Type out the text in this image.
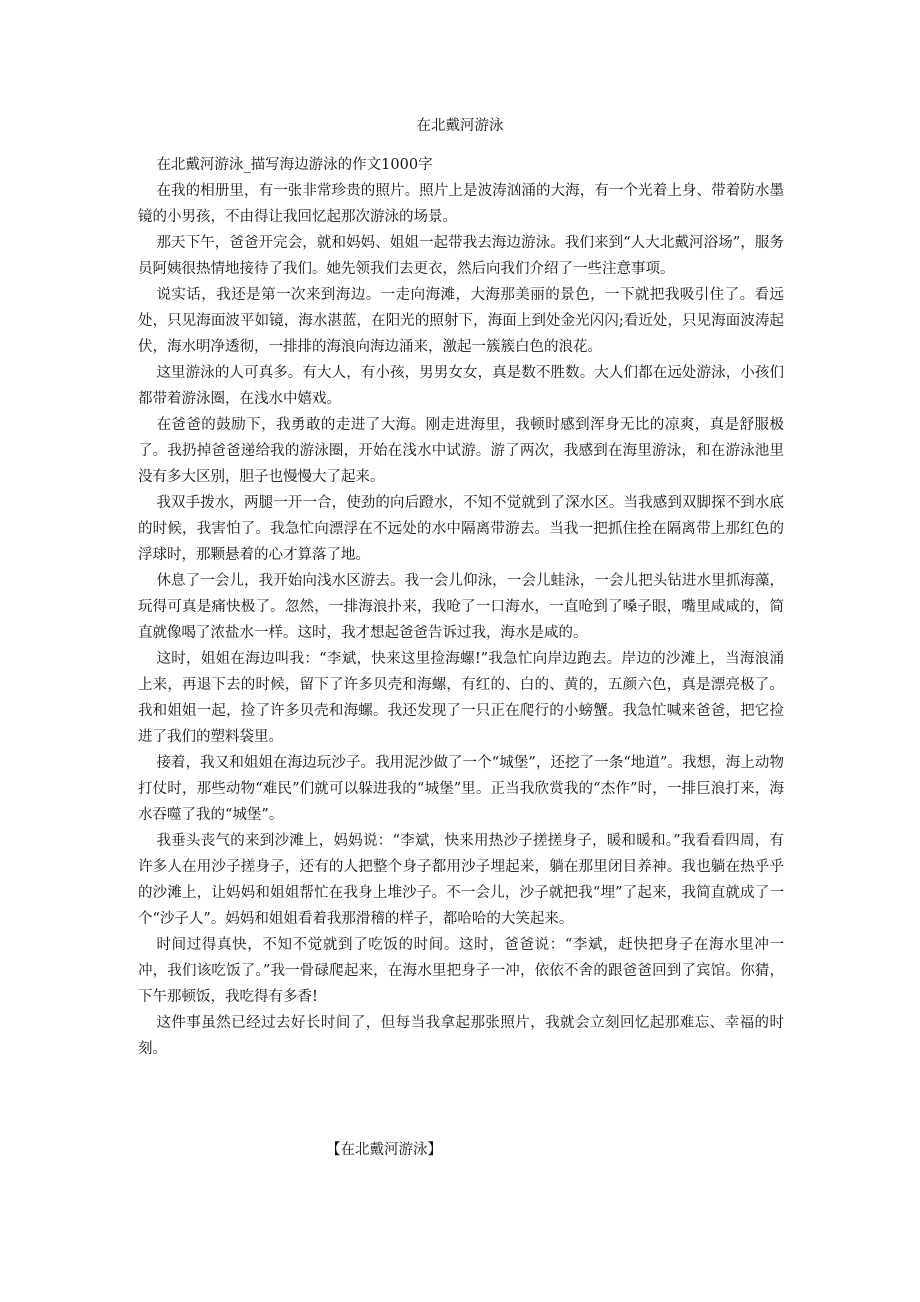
在北戴河游泳

在北戴河游泳_描写海边游泳的作文1000字

在我的相册里，有一张非常珍贵的照片。照片上是波涛汹涌的大海，有一个光着上身、带着防水墨镜的小男孩，不由得让我回忆起那次游泳的场景。

那天下午，爸爸开完会，就和妈妈、姐姐一起带我去海边游泳。我们来到“人大北戴河浴场”，服务员阿姨很热情地接待了我们。她先领我们去更衣，然后向我们介绍了一些注意事项。

说实话，我还是第一次来到海边。一走向海滩，大海那美丽的景色，一下就把我吸引住了。看远处，只见海面波平如镜，海水湛蓝，在阳光的照射下，海面上到处金光闪闪;看近处，只见海面波涛起伏，海水明净透彻，一排排的海浪向海边涌来，激起一簇簇白色的浪花。

这里游泳的人可真多。有大人，有小孩，男男女女，真是数不胜数。大人们都在远处游泳，小孩们都带着游泳圈，在浅水中嬉戏。

在爸爸的鼓励下，我勇敢的走进了大海。刚走进海里，我顿时感到浑身无比的凉爽，真是舒服极了。我扔掉爸爸递给我的游泳圈，开始在浅水中试游。游了两次，我感到在海里游泳，和在游泳池里没有多大区别，胆子也慢慢大了起来。

我双手拨水，两腿一开一合，使劲的向后蹬水，不知不觉就到了深水区。当我感到双脚探不到水底的时候，我害怕了。我急忙向漂浮在不远处的水中隔离带游去。当我一把抓住拴在隔离带上那红色的浮球时，那颗悬着的心才算落了地。

休息了一会儿，我开始向浅水区游去。我一会儿仰泳，一会儿蛙泳，一会儿把头钻进水里抓海藻，玩得可真是痛快极了。忽然，一排海浪扑来，我呛了一口海水，一直呛到了嗓子眼，嘴里咸咸的，简直就像喝了浓盐水一样。这时，我才想起爸爸告诉过我，海水是咸的。

这时，姐姐在海边叫我：“李斌，快来这里捡海螺!”我急忙向岸边跑去。岸边的沙滩上，当海浪涌上来，再退下去的时候，留下了许多贝壳和海螺，有红的、白的、黄的，五颜六色，真是漂亮极了。我和姐姐一起，捡了许多贝壳和海螺。我还发现了一只正在爬行的小螃蟹。我急忙喊来爸爸，把它捡进了我们的塑料袋里。

接着，我又和姐姐在海边玩沙子。我用泥沙做了一个“城堡”，还挖了一条“地道”。我想，海上动物打仗时，那些动物“难民”们就可以躲进我的“城堡”里。正当我欣赏我的“杰作”时，一排巨浪打来，海水吞噬了我的“城堡”。

我垂头丧气的来到沙滩上，妈妈说：“李斌，快来用热沙子搓搓身子，暖和暖和。”我看看四周，有许多人在用沙子搓身子，还有的人把整个身子都用沙子埋起来，躺在那里闭目养神。我也躺在热乎乎的沙滩上，让妈妈和姐姐帮忙在我身上堆沙子。不一会儿，沙子就把我“埋”了起来，我简直就成了一个“沙子人”。妈妈和姐姐看着我那滑稽的样子，都哈哈的大笑起来。

时间过得真快，不知不觉就到了吃饭的时间。这时，爸爸说：“李斌，赶快把身子在海水里冲一冲，我们该吃饭了。”我一骨碌爬起来，在海水里把身子一冲，依依不舍的跟爸爸回到了宾馆。你猜，下午那顿饭，我吃得有多香!

这件事虽然已经过去好长时间了，但每当我拿起那张照片，我就会立刻回忆起那难忘、幸福的时刻。

【在北戴河游泳】
